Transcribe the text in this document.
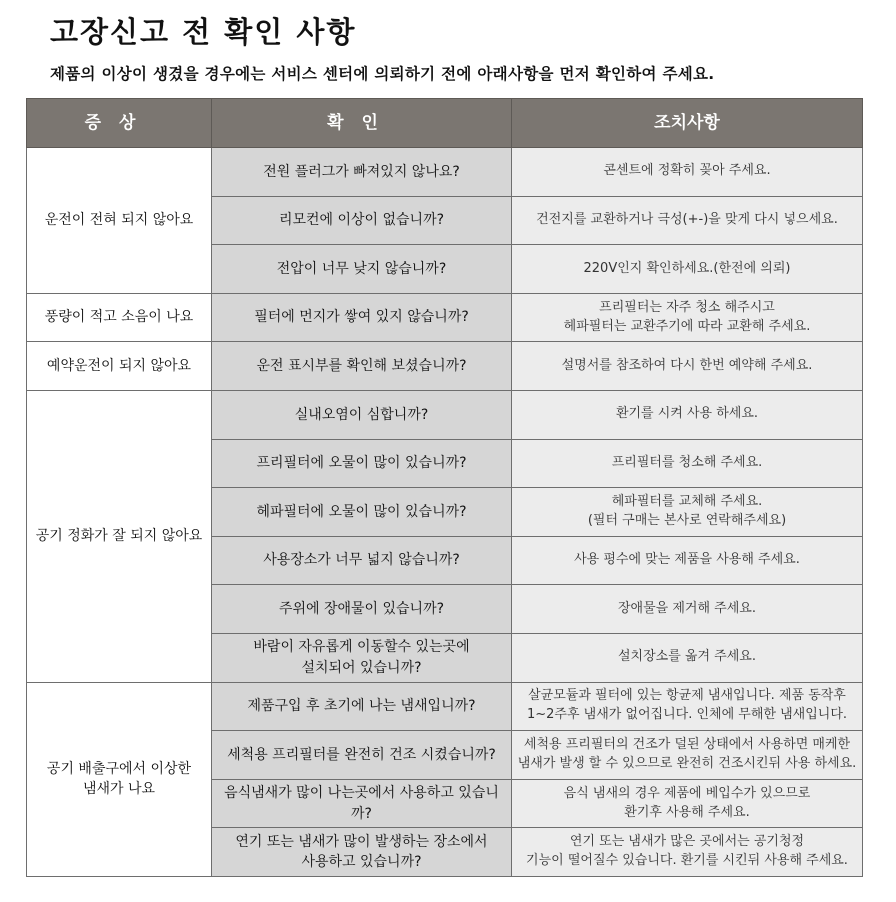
고장신고 전 확인 사항
제품의 이상이 생겼을 경우에는 서비스 센터에 의뢰하기 전에 아래사항을 먼저 확인하여 주세요.
증상	확인	조치사항

운전이 전혀 되지 않아요	전원 플러그가 빠져있지 않나요?	콘센트에 정확히 꽂아 주세요.

	리모컨에 이상이 없습니까?	건전지를 교환하거나 극성(+-)을 맞게 다시 넣으세요.

	전압이 너무 낮지 않습니까?	220V인지 확인하세요.(한전에 의뢰)

풍량이 적고 소음이 나요	필터에 먼지가 쌓여 있지 않습니까?	프리필터는 자주 청소 해주시고
헤파필터는 교환주기에 따라 교환해 주세요.

예약운전이 되지 않아요	운전 표시부를 확인해 보셨습니까?	설명서를 참조하여 다시 한번 예약해 주세요.

공기 정화가 잘 되지 않아요	실내오염이 심합니까?	환기를 시켜 사용 하세요.

	프리필터에 오물이 많이 있습니까?	프리필터를 청소해 주세요.

	헤파필터에 오물이 많이 있습니까?	헤파필터를 교체해 주세요.
(필터 구매는 본사로 연락해주세요)

	사용장소가 너무 넓지 않습니까?	사용 평수에 맞는 제품을 사용해 주세요.

	주위에 장애물이 있습니까?	장애물을 제거해 주세요.

	바람이 자유롭게 이동할수 있는곳에
설치되어 있습니까?	설치장소를 옮겨 주세요.

공기 배출구에서 이상한
냄새가 나요	제품구입 후 초기에 나는 냄새입니까?	살균모듈과 필터에 있는 항균제 냄새입니다. 제품 동작후
1~2주후 냄새가 없어집니다. 인체에 무해한 냄새입니다.

	세척용 프리필터를 완전히 건조 시켰습니까?	세척용 프리필터의 건조가 덜된 상태에서 사용하면 매케한
냄새가 발생 할 수 있으므로 완전히 건조시킨뒤 사용 하세요.

	음식냄새가 많이 나는곳에서 사용하고 있습니까?	음식 냄새의 경우 제품에 베입수가 있으므로
환기후 사용해 주세요.

	연기 또는 냄새가 많이 발생하는 장소에서
사용하고 있습니까?	연기 또는 냄새가 많은 곳에서는 공기청정
기능이 떨어질수 있습니다. 환기를 시킨뒤 사용해 주세요.
